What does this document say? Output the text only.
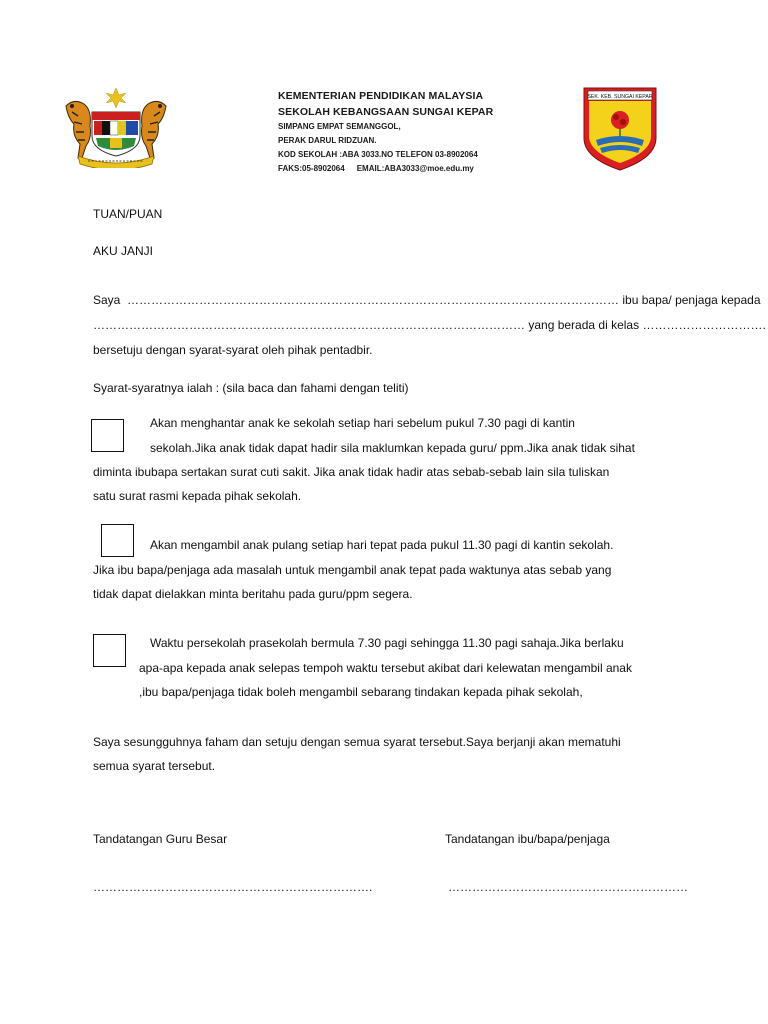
KEMENTERIAN PENDIDIKAN MALAYSIA
SEKOLAH KEBANGSAAN SUNGAI KEPAR
SIMPANG EMPAT SEMANGGOL,
PERAK DARUL RIDZUAN.
KOD SEKOLAH :ABA 3033.NO TELEFON 03-8902064
FAKS:05-8902064 EMAIL:ABA3033@moe.edu.my
SEK. KEB. SUNGAI KEPAR
TUAN/PUAN
AKU JANJI
Saya …………………………………………………………………………………………………………… ibu bapa/ penjaga kepada
……………………………………………………………………………………………… yang berada di kelas ………………………….
bersetuju dengan syarat-syarat oleh pihak pentadbir.
Syarat-syaratnya ialah : (sila baca dan fahami dengan teliti)
Akan menghantar anak ke sekolah setiap hari sebelum pukul 7.30 pagi di kantin
sekolah.Jika anak tidak dapat hadir sila maklumkan kepada guru/ ppm.Jika anak tidak sihat
diminta ibubapa sertakan surat cuti sakit. Jika anak tidak hadir atas sebab-sebab lain sila tuliskan
satu surat rasmi kepada pihak sekolah.
Akan mengambil anak pulang setiap hari tepat pada pukul 11.30 pagi di kantin sekolah.
Jika ibu bapa/penjaga ada masalah untuk mengambil anak tepat pada waktunya atas sebab yang
tidak dapat dielakkan minta beritahu pada guru/ppm segera.
Waktu persekolah prasekolah bermula 7.30 pagi sehingga 11.30 pagi sahaja.Jika berlaku
apa-apa kepada anak selepas tempoh waktu tersebut akibat dari kelewatan mengambil anak
,ibu bapa/penjaga tidak boleh mengambil sebarang tindakan kepada pihak sekolah,
Saya sesungguhnya faham dan setuju dengan semua syarat tersebut.Saya berjanji akan mematuhi
semua syarat tersebut.
Tandatangan Guru Besar	Tandatangan ibu/bapa/penjaga
…………………………………………………………….	……………………………………………………
